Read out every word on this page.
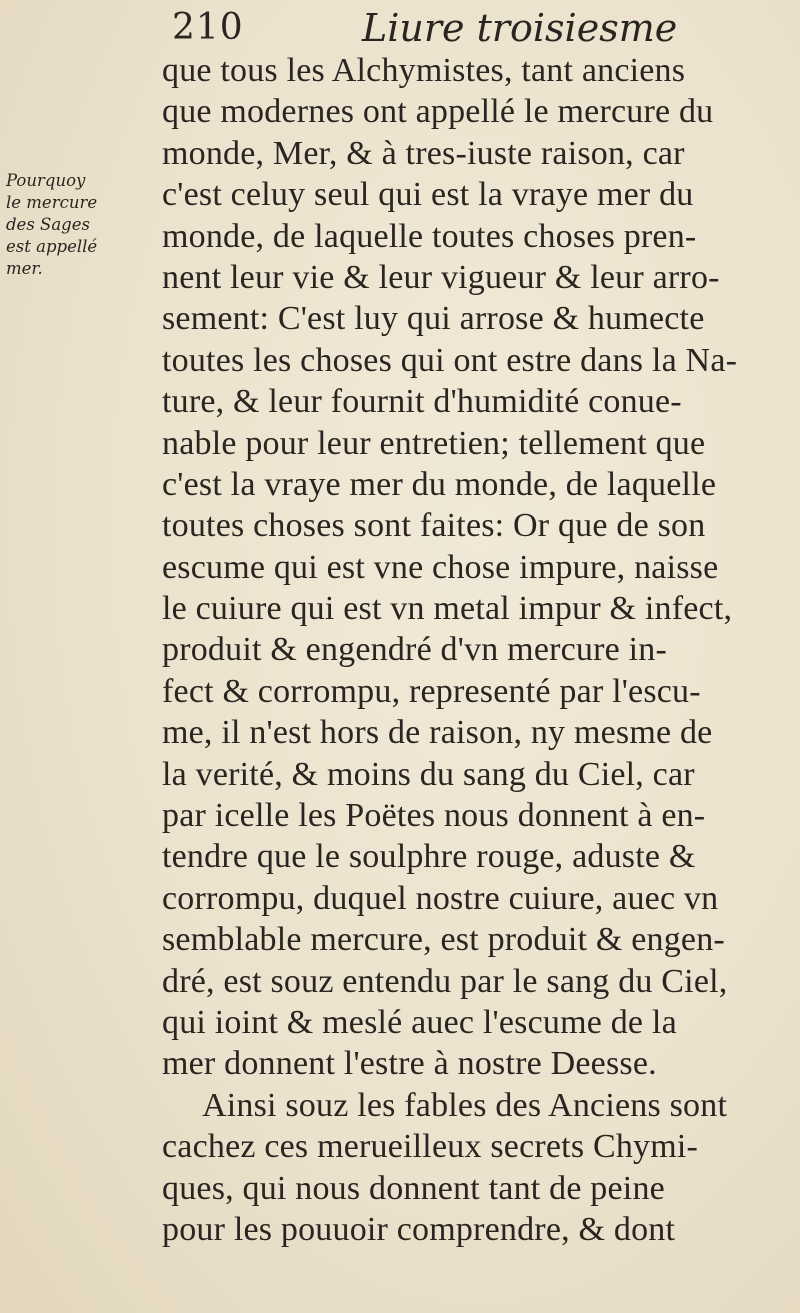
210	Liure troisiesme
Pourquoy
le mercure
des Sages
est appellé
mer.
que tous les Alchymistes, tant anciens
que modernes ont appellé le mercure du
monde, Mer, & à tres-iuste raison, car
c'est celuy seul qui est la vraye mer du
monde, de laquelle toutes choses pren-
nent leur vie & leur vigueur & leur arro-
sement: C'est luy qui arrose & humecte
toutes les choses qui ont estre dans la Na-
ture, & leur fournit d'humidité conue-
nable pour leur entretien; tellement que
c'est la vraye mer du monde, de laquelle
toutes choses sont faites: Or que de son
escume qui est vne chose impure, naisse
le cuiure qui est vn metal impur & infect,
produit & engendré d'vn mercure in-
fect & corrompu, representé par l'escu-
me, il n'est hors de raison, ny mesme de
la verité, & moins du sang du Ciel, car
par icelle les Poëtes nous donnent à en-
tendre que le soulphre rouge, aduste &
corrompu, duquel nostre cuiure, auec vn
semblable mercure, est produit & engen-
dré, est souz entendu par le sang du Ciel,
qui ioint & meslé auec l'escume de la
mer donnent l'estre à nostre Deesse.
Ainsi souz les fables des Anciens sont
cachez ces merueilleux secrets Chymi-
ques, qui nous donnent tant de peine
pour les pouuoir comprendre, & dont
